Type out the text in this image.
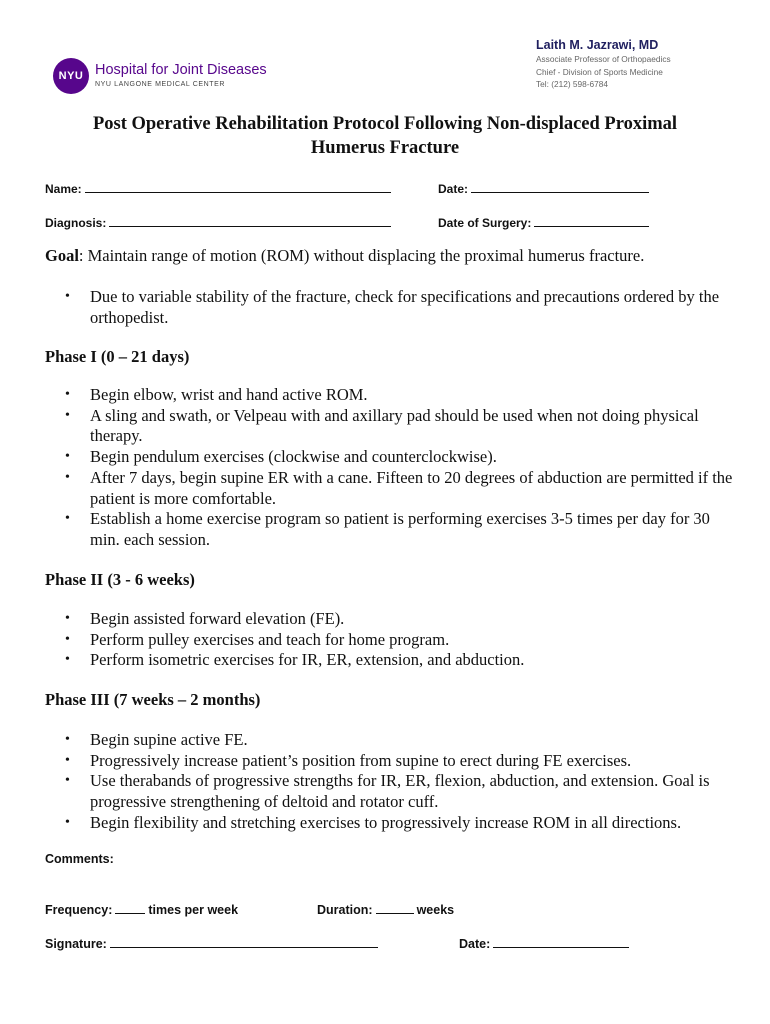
NYU Hospital for Joint Diseases
NYU LANGONE MEDICAL CENTER
Laith M. Jazrawi, MD
Associate Professor of Orthopaedics
Chief - Division of Sports Medicine
Tel: (212) 598-6784
Post Operative Rehabilitation Protocol Following Non-displaced Proximal
Humerus Fracture
Name:	Date:
Diagnosis:	Date of Surgery:
Goal: Maintain range of motion (ROM) without displacing the proximal humerus fracture.
• Due to variable stability of the fracture, check for specifications and precautions ordered by the orthopedist.
Phase I (0 – 21 days)
• Begin elbow, wrist and hand active ROM.
• A sling and swath, or Velpeau with and axillary pad should be used when not doing physical therapy.
• Begin pendulum exercises (clockwise and counterclockwise).
• After 7 days, begin supine ER with a cane. Fifteen to 20 degrees of abduction are permitted if the patient is more comfortable.
• Establish a home exercise program so patient is performing exercises 3-5 times per day for 30 min. each session.
Phase II (3 - 6 weeks)
• Begin assisted forward elevation (FE).
• Perform pulley exercises and teach for home program.
• Perform isometric exercises for IR, ER, extension, and abduction.
Phase III (7 weeks – 2 months)
• Begin supine active FE.
• Progressively increase patient’s position from supine to erect during FE exercises.
• Use therabands of progressive strengths for IR, ER, flexion, abduction, and extension. Goal is progressive strengthening of deltoid and rotator cuff.
• Begin flexibility and stretching exercises to progressively increase ROM in all directions.
Comments:
Frequency:	times per week	Duration:	weeks
Signature:	Date:
